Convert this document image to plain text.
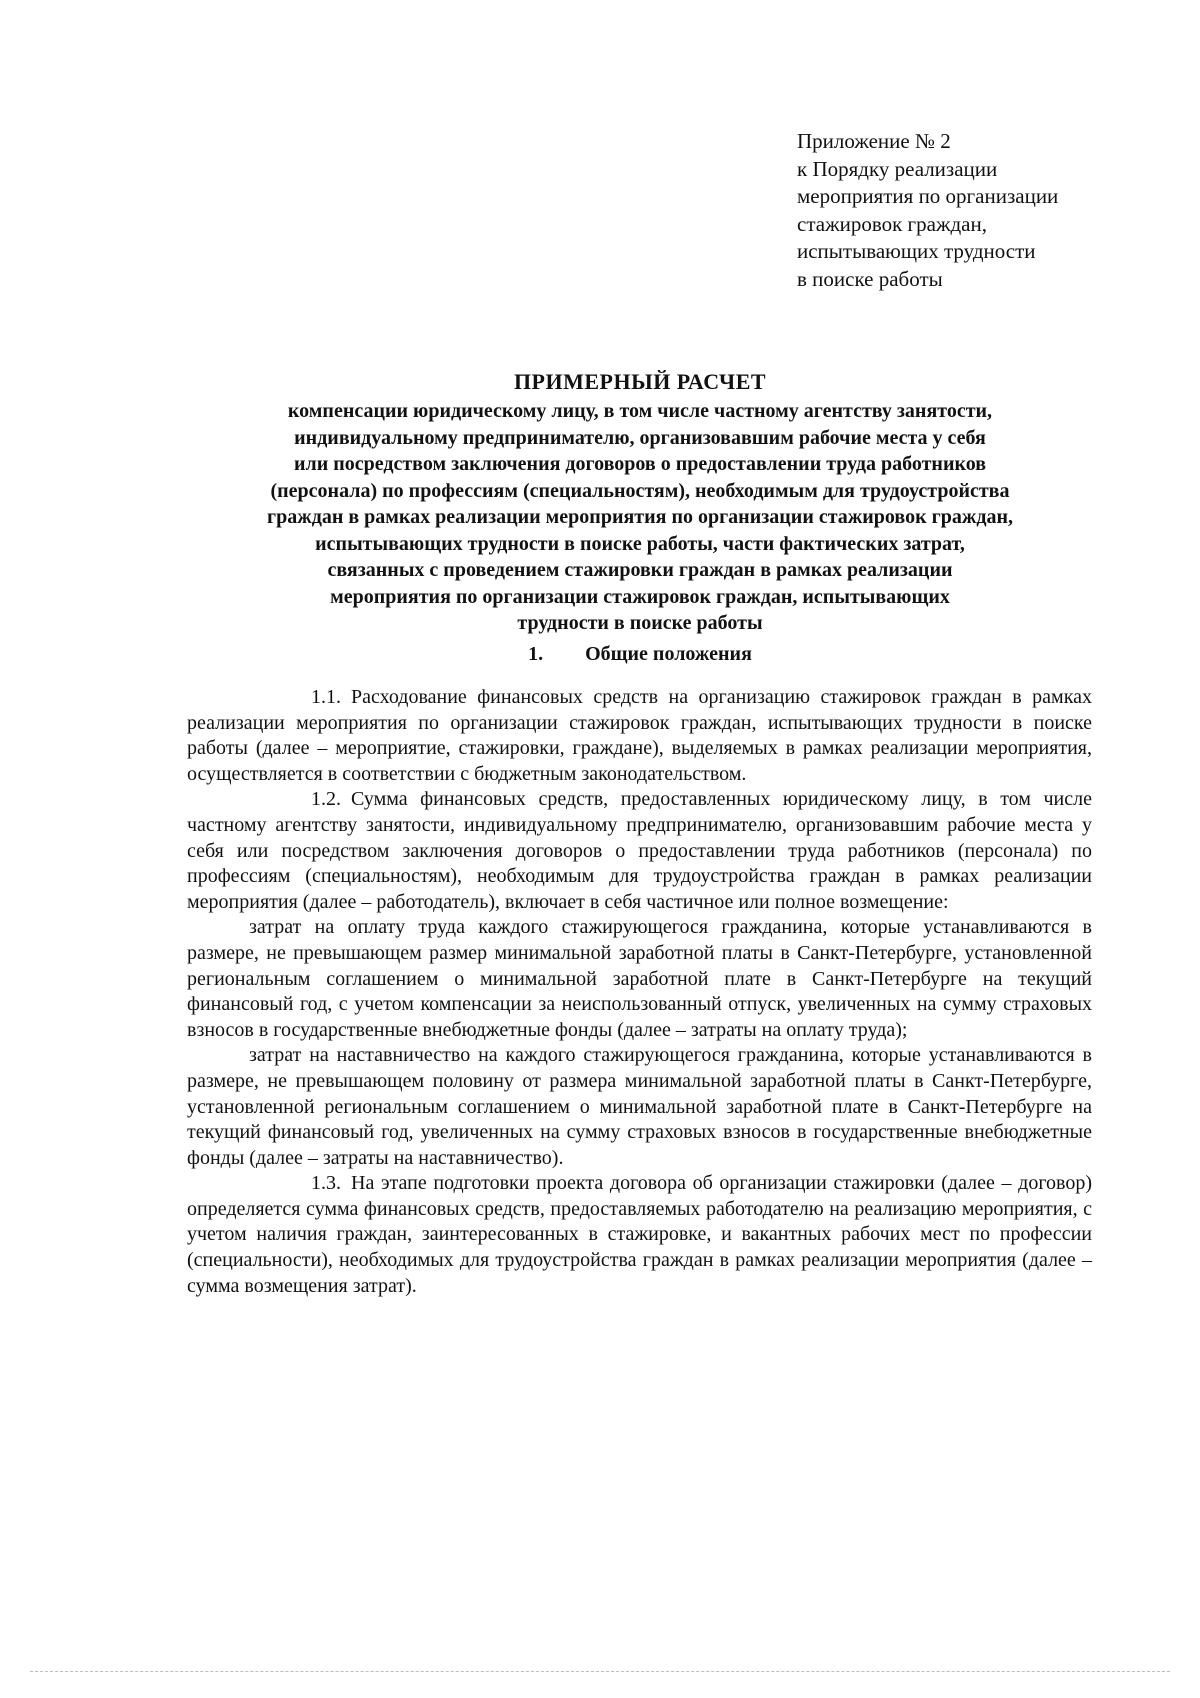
Приложение № 2
к Порядку реализации
мероприятия по организации
стажировок граждан,
испытывающих трудности
в поиске работы
ПРИМЕРНЫЙ РАСЧЕТ
компенсации юридическому лицу, в том числе частному агентству занятости,
индивидуальному предпринимателю, организовавшим рабочие места у себя
или посредством заключения договоров о предоставлении труда работников
(персонала) по профессиям (специальностям), необходимым для трудоустройства
граждан в рамках реализации мероприятия по организации стажировок граждан,
испытывающих трудности в поиске работы, части фактических затрат,
связанных с проведением стажировки граждан в рамках реализации
мероприятия по организации стажировок граждан, испытывающих
трудности в поиске работы
1. Общие положения

1.1. Расходование финансовых средств на организацию стажировок граждан в рамках реализации мероприятия по организации стажировок граждан, испытывающих трудности в поиске работы (далее – мероприятие, стажировки, граждане), выделяемых в рамках реализации мероприятия, осуществляется в соответствии с бюджетным законодательством.

1.2. Сумма финансовых средств, предоставленных юридическому лицу, в том числе частному агентству занятости, индивидуальному предпринимателю, организовавшим рабочие места у себя или посредством заключения договоров о предоставлении труда работников (персонала) по профессиям (специальностям), необходимым для трудоустройства граждан в рамках реализации мероприятия (далее – работодатель), включает в себя частичное или полное возмещение:

затрат на оплату труда каждого стажирующегося гражданина, которые устанавливаются в размере, не превышающем размер минимальной заработной платы в Санкт-Петербурге, установленной региональным соглашением о минимальной заработной плате в Санкт-Петербурге на текущий финансовый год, с учетом компенсации за неиспользованный отпуск, увеличенных на сумму страховых взносов в государственные внебюджетные фонды (далее – затраты на оплату труда);

затрат на наставничество на каждого стажирующегося гражданина, которые устанавливаются в размере, не превышающем половину от размера минимальной заработной платы в Санкт-Петербурге, установленной региональным соглашением о минимальной заработной плате в Санкт-Петербурге на текущий финансовый год, увеличенных на сумму страховых взносов в государственные внебюджетные фонды (далее – затраты на наставничество).

1.3. На этапе подготовки проекта договора об организации стажировки (далее – договор) определяется сумма финансовых средств, предоставляемых работодателю на реализацию мероприятия, с учетом наличия граждан, заинтересованных в стажировке, и вакантных рабочих мест по профессии (специальности), необходимых для трудоустройства граждан в рамках реализации мероприятия (далее – сумма возмещения затрат).
